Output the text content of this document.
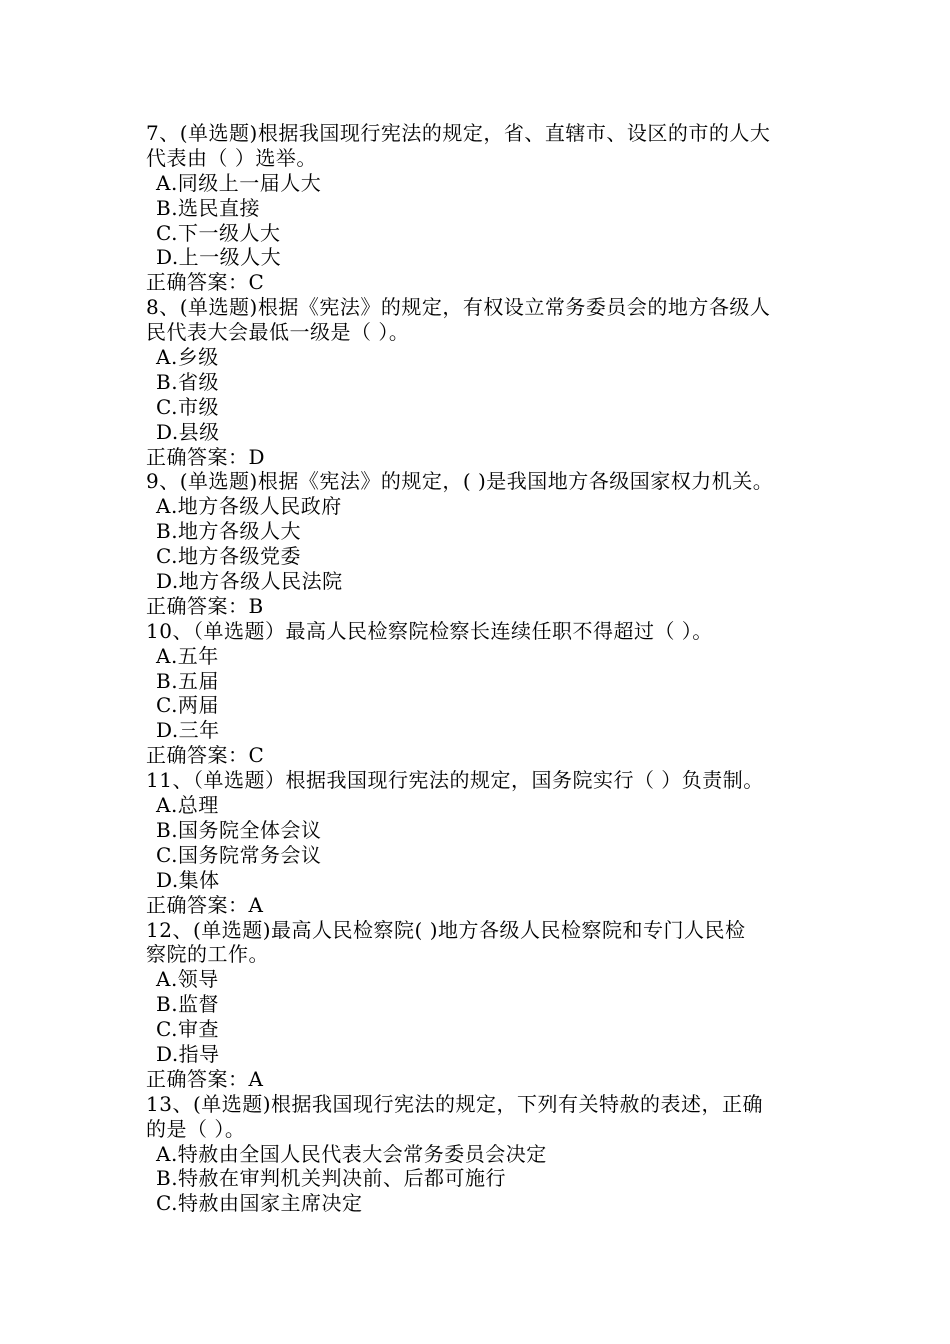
7、(单选题)根据我国现行宪法的规定，省、直辖市、设区的市的人大
代表由（ ）选举。
A.同级上一届人大
B.选民直接
C.下一级人大
D.上一级人大
正确答案：C
8、(单选题)根据《宪法》的规定，有权设立常务委员会的地方各级人
民代表大会最低一级是（ ）。
A.乡级
B.省级
C.市级
D.县级
正确答案：D
9、(单选题)根据《宪法》的规定，( )是我国地方各级国家权力机关。
A.地方各级人民政府
B.地方各级人大
C.地方各级党委
D.地方各级人民法院
正确答案：B
10、（单选题）最高人民检察院检察长连续任职不得超过（ ）。
A.五年
B.五届
C.两届
D.三年
正确答案：C
11、（单选题）根据我国现行宪法的规定，国务院实行（ ）负责制。
A.总理
B.国务院全体会议
C.国务院常务会议
D.集体
正确答案：A
12、(单选题)最高人民检察院( )地方各级人民检察院和专门人民检
察院的工作。
A.领导
B.监督
C.审查
D.指导
正确答案：A
13、(单选题)根据我国现行宪法的规定，下列有关特赦的表述，正确
的是（ ）。
A.特赦由全国人民代表大会常务委员会决定
B.特赦在审判机关判决前、后都可施行
C.特赦由国家主席决定
